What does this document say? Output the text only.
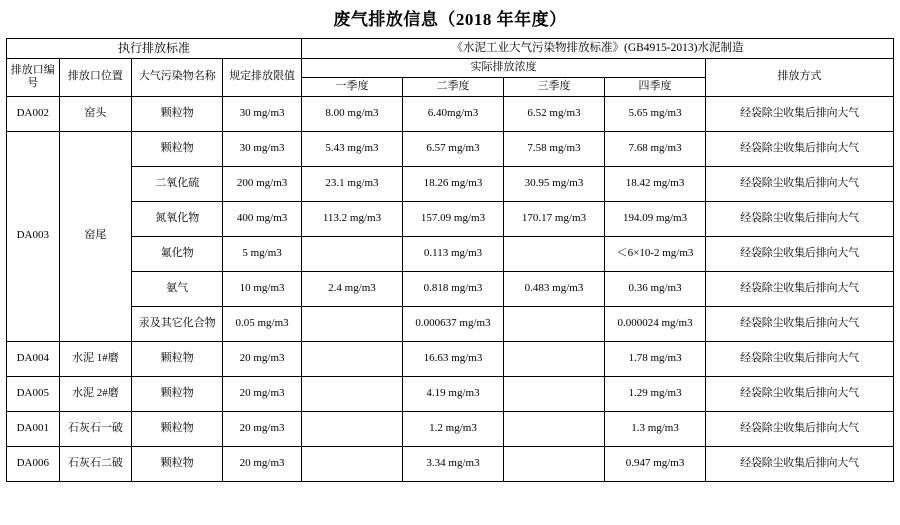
废气排放信息（2018 年年度）
执行排放标准				《水泥工业大气污染物排放标准》(GB4915-2013)水泥制造				
排放口编号	排放口位置	大气污染物名称	规定排放限值	实际排放浓度				排放方式
				一季度	二季度	三季度	四季度	
DA002	窑头	颗粒物	30 mg/m3	8.00 mg/m3	6.40mg/m3	6.52 mg/m3	5.65 mg/m3	经袋除尘收集后排向大气
DA003	窑尾	颗粒物	30 mg/m3	5.43 mg/m3	6.57 mg/m3	7.58 mg/m3	7.68 mg/m3	经袋除尘收集后排向大气
		二氧化硫	200 mg/m3	23.1 mg/m3	18.26 mg/m3	30.95 mg/m3	18.42 mg/m3	经袋除尘收集后排向大气
		氮氧化物	400 mg/m3	113.2 mg/m3	157.09 mg/m3	170.17 mg/m3	194.09 mg/m3	经袋除尘收集后排向大气
		氟化物	5 mg/m3		0.113 mg/m3		＜6×10-2 mg/m3	经袋除尘收集后排向大气
		氨气	10 mg/m3	2.4 mg/m3	0.818 mg/m3	0.483 mg/m3	0.36 mg/m3	经袋除尘收集后排向大气
		汞及其它化合物	0.05 mg/m3		0.000637 mg/m3		0.000024 mg/m3	经袋除尘收集后排向大气
DA004	水泥 1#磨	颗粒物	20 mg/m3		16.63 mg/m3		1.78 mg/m3	经袋除尘收集后排向大气
DA005	水泥 2#磨	颗粒物	20 mg/m3		4.19 mg/m3		1.29 mg/m3	经袋除尘收集后排向大气
DA001	石灰石一破	颗粒物	20 mg/m3		1.2 mg/m3		1.3 mg/m3	经袋除尘收集后排向大气
DA006	石灰石二破	颗粒物	20 mg/m3		3.34 mg/m3		0.947 mg/m3	经袋除尘收集后排向大气
